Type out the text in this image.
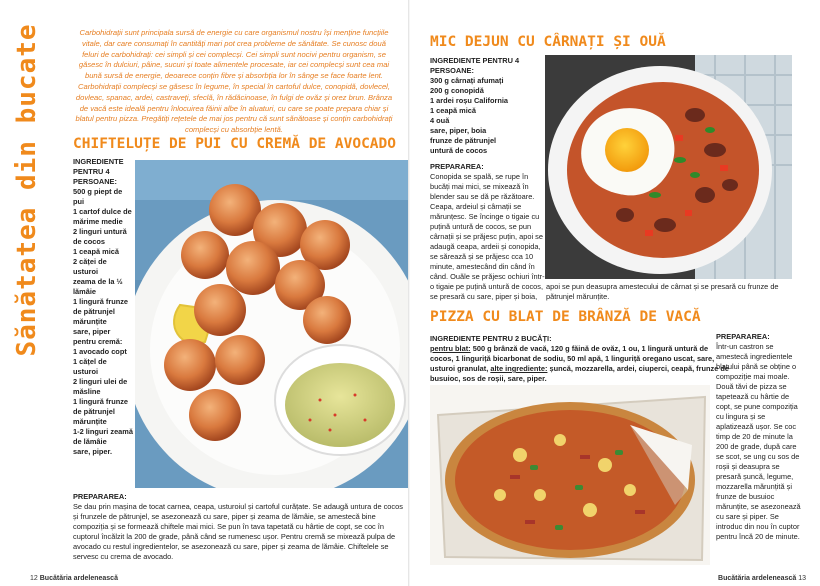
Sănătatea din bucate	Carbohidrații sunt principala sursă de energie cu care organismul nostru își menține funcțiile vitale, dar care consumați în cantități mari pot crea probleme de sănătate. Se cunosc două feluri de carbohidrați: cei simpli și cei complecși. Cei simpli sunt nocivi pentru organism, se găsesc în dulciuri, pâine, sucuri și toate alimentele procesate, iar cei complecși sunt cea mai bună sursă de energie, deoarece conțin fibre și absorbția lor în sânge se face foarte lent. Carbohidrații complecși se găsesc în legume, în special în cartoful dulce, conopidă, dovlecel, dovleac, spanac, ardei, castraveți, sfeclă, în rădăcinoase, în fulgi de ovăz și orez brun. Brânza de vacă este ideală pentru înlocuirea făinii albe în aluaturi, cu care se poate prepara chiar și blatul pentru pizza. Pregătiți rețetele de mai jos pentru că sunt sănătoase și conțin carbohidrați complecși cu absorbție lentă.
CHIFTELUȚE DE PUI CU CREMĂ DE AVOCADO
INGREDIENTE PENTRU 4 PERSOANE:
500 g piept de pui
1 cartof dulce de mărime medie
2 linguri untură de cocos
1 ceapă mică
2 căței de usturoi
zeama de la ½ lămâie
1 lingură frunze de pătrunjel mărunțite
sare, piper
pentru cremă:
1 avocado copt
1 cățel de usturoi
2 linguri ulei de măsline
1 lingură frunze de pătrunjel mărunțite
1-2 linguri zeamă de lămâie
sare, piper.
PREPARAREA:
Se dau prin mașina de tocat carnea, ceapa, usturoiul și cartoful curățate. Se adaugă untura de cocos și frunzele de pătrunjel, se asezonează cu sare, piper și zeama de lămâie, se amestecă bine compoziția și se formează chiftele mai mici. Se pun în tava tapetată cu hârtie de copt, se coc în cuptorul încălzit la 200 de grade, până când se rumenesc ușor. Pentru cremă se mixează pulpa de avocado cu restul ingredientelor, se asezonează cu sare, piper și zeama de lămâie. Chiftelele se servesc cu crema de avocado.
12 Bucătăria ardelenească
MIC DEJUN CU CÂRNAȚI ȘI OUĂ
INGREDIENTE PENTRU 4 PERSOANE:
300 g cârnați afumați
200 g conopidă
1 ardei roșu California
1 ceapă mică
4 ouă
sare, piper, boia
frunze de pătrunjel
untură de cocos
PREPARAREA:
Conopida se spală, se rupe în bucăți mai mici, se mixează în blender sau se dă pe răzătoare. Ceapa, ardeiul și cârnații se mărunțesc. Se încinge o tigaie cu puțină untură de cocos, se pun cârnații și se prăjesc puțin, apoi se adaugă ceapa, ardeii și conopida, se sărează și se prăjesc cca 10 minute, amestecând din când în când. Ouăle se prăjesc ochiuri într-o tigaie pe puțină untură de cocos, se presară cu sare, piper și boia,
apoi se pun deasupra amestecului de cârnat și se presară cu frunze de pătrunjel mărunțite.
PIZZA CU BLAT DE BRÂNZĂ DE VACĂ
INGREDIENTE PENTRU 2 BUCĂȚI:
pentru blat: 500 g brânză de vacă, 120 g făină de ovăz, 1 ou, 1 lingură untură de cocos, 1 linguriță bicarbonat de sodiu, 50 ml apă, 1 linguriță oregano uscat, sare, usturoi granulat, alte ingrediente: șuncă, mozzarella, ardei, ciuperci, ceapă, frunze de busuioc, sos de roșii, sare, piper.
PREPARAREA:
Într-un castron se amestecă ingredientele blatului până se obține o compoziție mai moale. Două tăvi de pizza se tapetează cu hârtie de copt, se pune compoziția cu lingura și se aplatizează ușor. Se coc timp de 20 de minute la 200 de grade, după care se scot, se ung cu sos de roșii și deasupra se presară șuncă, legume, mozzarella mărunțită și frunze de busuioc mărunțite, se asezonează cu sare și piper. Se introduc din nou în cuptor pentru încă 20 de minute.
Bucătăria ardelenească 13
